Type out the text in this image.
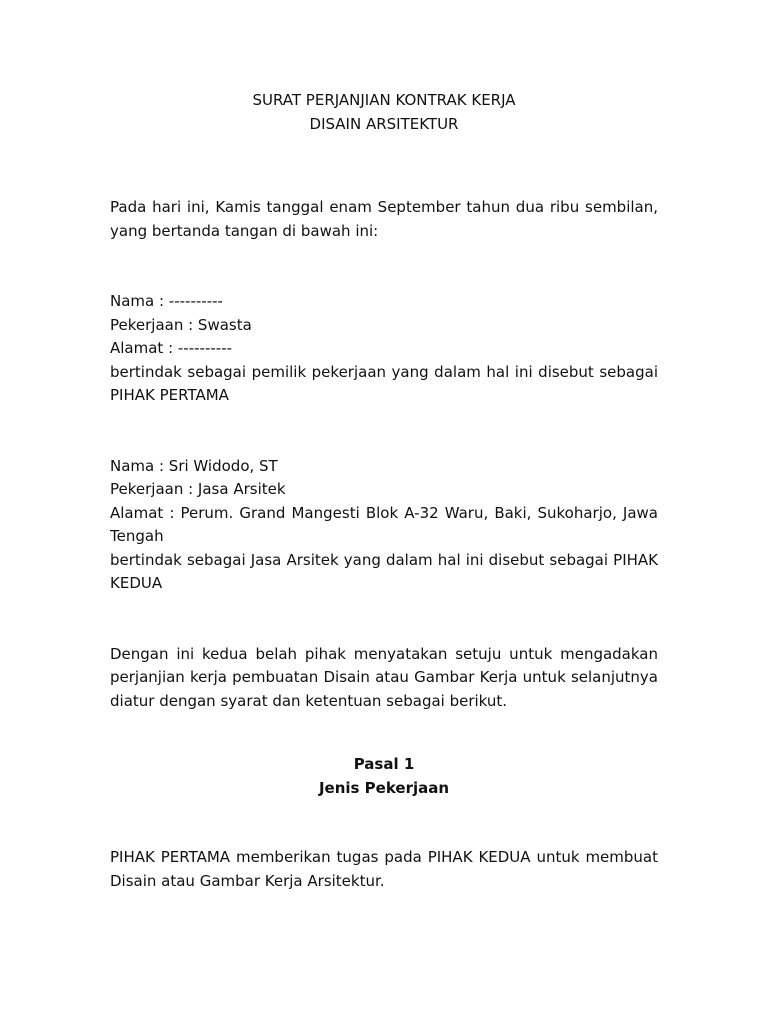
SURAT PERJANJIAN KONTRAK KERJA

DISAIN ARSITEKTUR

Pada hari ini, Kamis tanggal enam September tahun dua ribu sembilan, yang bertanda tangan di bawah ini:

Nama : ----------

Pekerjaan : Swasta

Alamat : ----------

bertindak sebagai pemilik pekerjaan yang dalam hal ini disebut sebagai PIHAK PERTAMA

Nama : Sri Widodo, ST

Pekerjaan : Jasa Arsitek

Alamat : Perum. Grand Mangesti Blok A-32 Waru, Baki, Sukoharjo, Jawa Tengah

bertindak sebagai Jasa Arsitek yang dalam hal ini disebut sebagai PIHAK KEDUA

Dengan ini kedua belah pihak menyatakan setuju untuk mengadakan perjanjian kerja pembuatan Disain atau Gambar Kerja untuk selanjutnya diatur dengan syarat dan ketentuan sebagai berikut.

Pasal 1

Jenis Pekerjaan

PIHAK PERTAMA memberikan tugas pada PIHAK KEDUA untuk membuat Disain atau Gambar Kerja Arsitektur.
